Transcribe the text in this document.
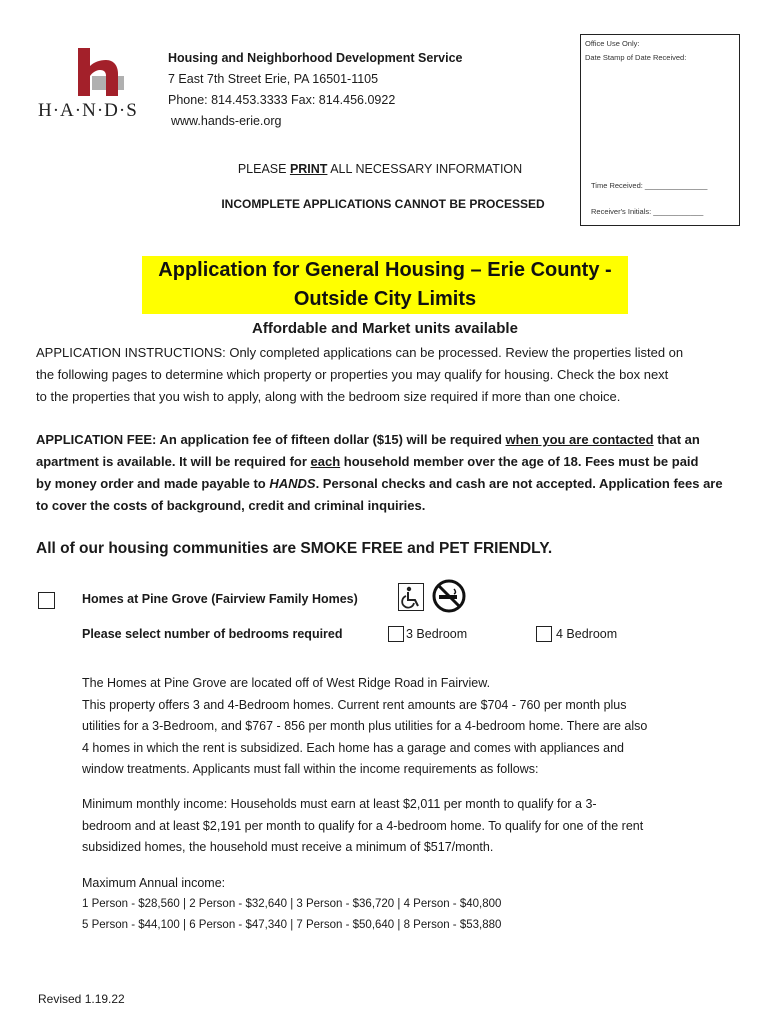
H·A·N·D·S
Housing and Neighborhood Development Service
7 East 7th Street Erie, PA 16501-1105
Phone: 814.453.3333 Fax: 814.456.0922
www.hands-erie.org
Office Use Only:
Date Stamp of Date Received:
Time Received: _______________
Receiver's Initials: ____________
PLEASE PRINT ALL NECESSARY INFORMATION
INCOMPLETE APPLICATIONS CANNOT BE PROCESSED
Application for General Housing – Erie County -
Outside City Limits
Affordable and Market units available
APPLICATION INSTRUCTIONS: Only completed applications can be processed. Review the properties listed on
the following pages to determine which property or properties you may qualify for housing. Check the box next
to the properties that you wish to apply, along with the bedroom size required if more than one choice.
APPLICATION FEE: An application fee of fifteen dollar ($15) will be required when you are contacted that an
apartment is available. It will be required for each household member over the age of 18. Fees must be paid
by money order and made payable to HANDS. Personal checks and cash are not accepted. Application fees are
to cover the costs of background, credit and criminal inquiries.
All of our housing communities are SMOKE FREE and PET FRIENDLY.
Homes at Pine Grove (Fairview Family Homes)
Please select number of bedrooms required	3 Bedroom	4 Bedroom
The Homes at Pine Grove are located off of West Ridge Road in Fairview.
This property offers 3 and 4-Bedroom homes. Current rent amounts are $704 - 760 per month plus
utilities for a 3-Bedroom, and $767 - 856 per month plus utilities for a 4-bedroom home. There are also
4 homes in which the rent is subsidized. Each home has a garage and comes with appliances and
window treatments. Applicants must fall within the income requirements as follows:
Minimum monthly income: Households must earn at least $2,011 per month to qualify for a 3-
bedroom and at least $2,191 per month to qualify for a 4-bedroom home. To qualify for one of the rent
subsidized homes, the household must receive a minimum of $517/month.
Maximum Annual income:
1 Person - $28,560 | 2 Person - $32,640 | 3 Person - $36,720 | 4 Person - $40,800
5 Person - $44,100 | 6 Person - $47,340 | 7 Person - $50,640 | 8 Person - $53,880
Revised 1.19.22
